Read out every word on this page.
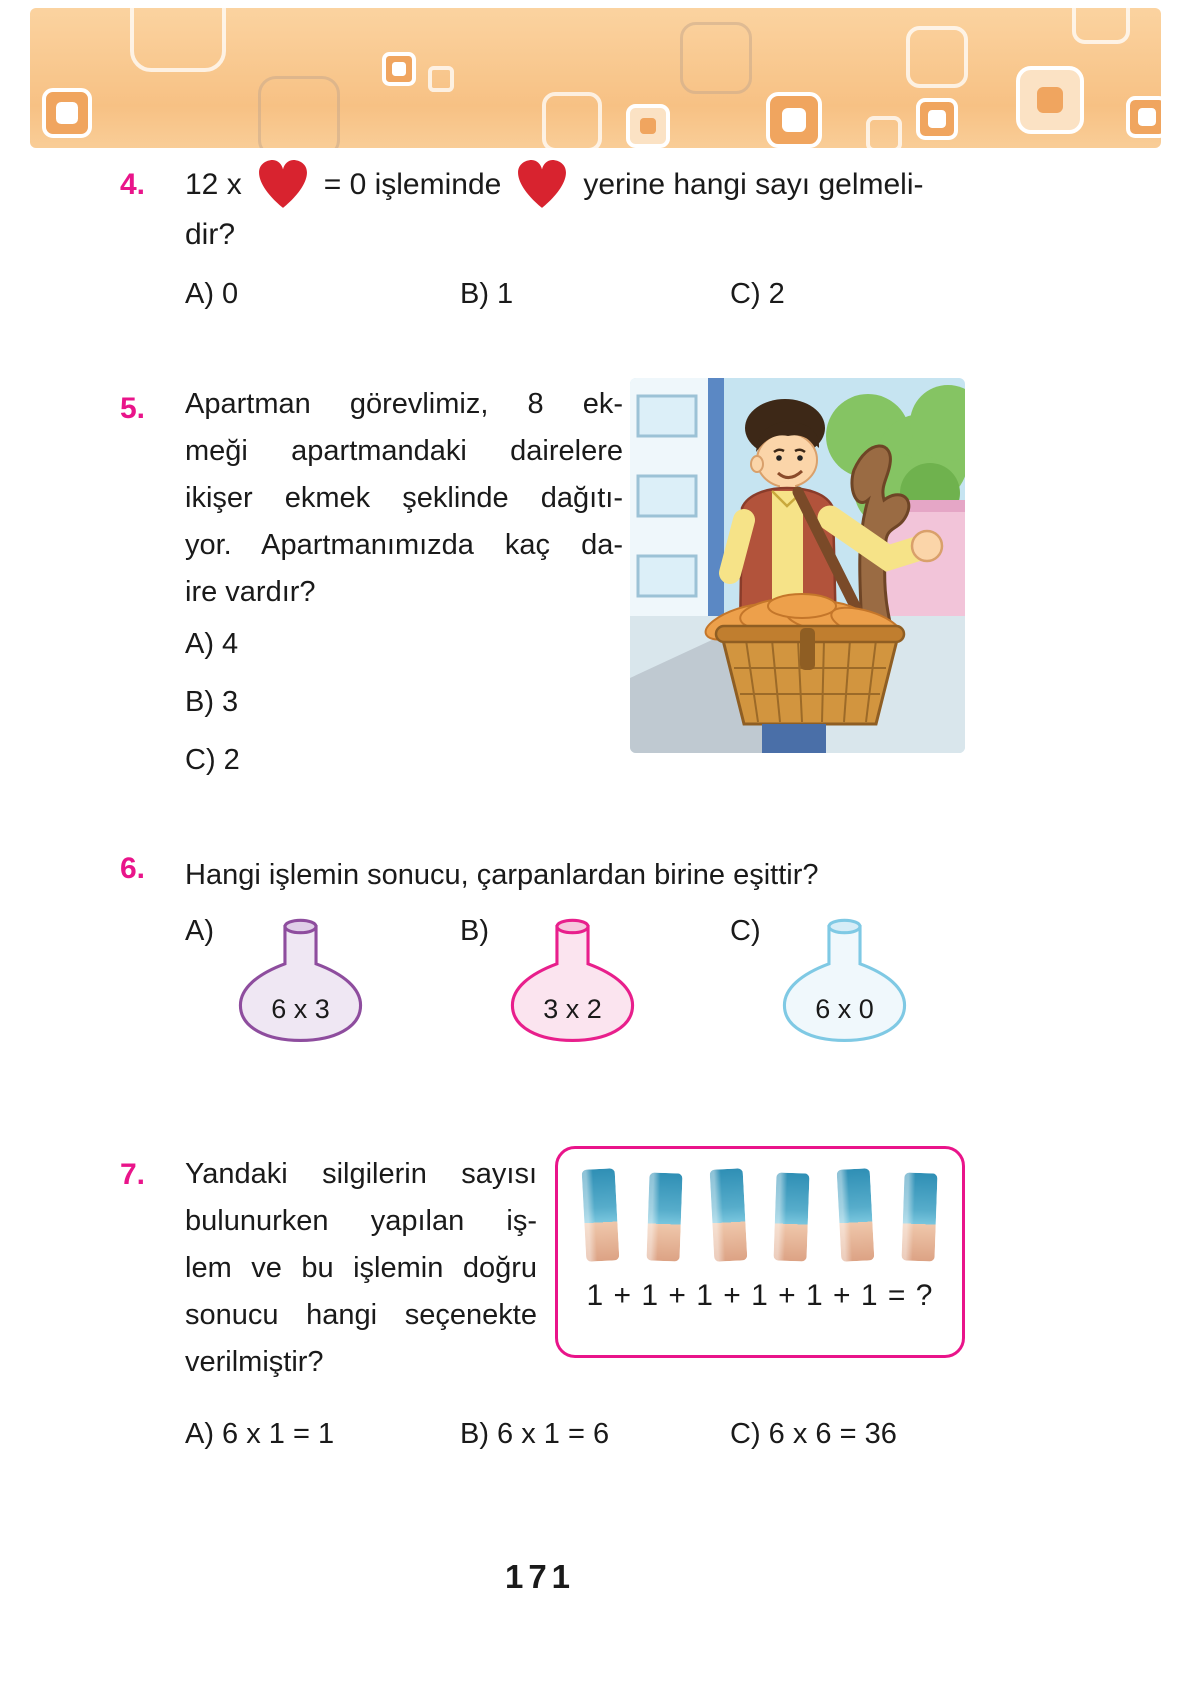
4. 12 x	= 0 işleminde	yerine hangi sayı gelmeli-
dir?
A) 0	B) 1	C) 2
5. Apartman görevlimiz, 8 ek-
meği apartmandaki dairelere
ikişer ekmek şeklinde dağıtı-
yor. Apartmanımızda kaç da-
ire vardır?
A) 4
B) 3
C) 2
6. Hangi işlemin sonucu, çarpanlardan birine eşittir?
A)	B)	C)
6 x 3	3 x 2	6 x 0
7. Yandaki silgilerin sayısı
bulunurken yapılan iş-
lem ve bu işlemin doğru
sonucu hangi seçenekte
verilmiştir?
1 + 1 + 1 + 1 + 1 + 1 = ?
A) 6 x 1 = 1	B) 6 x 1 = 6	C) 6 x 6 = 36
171
